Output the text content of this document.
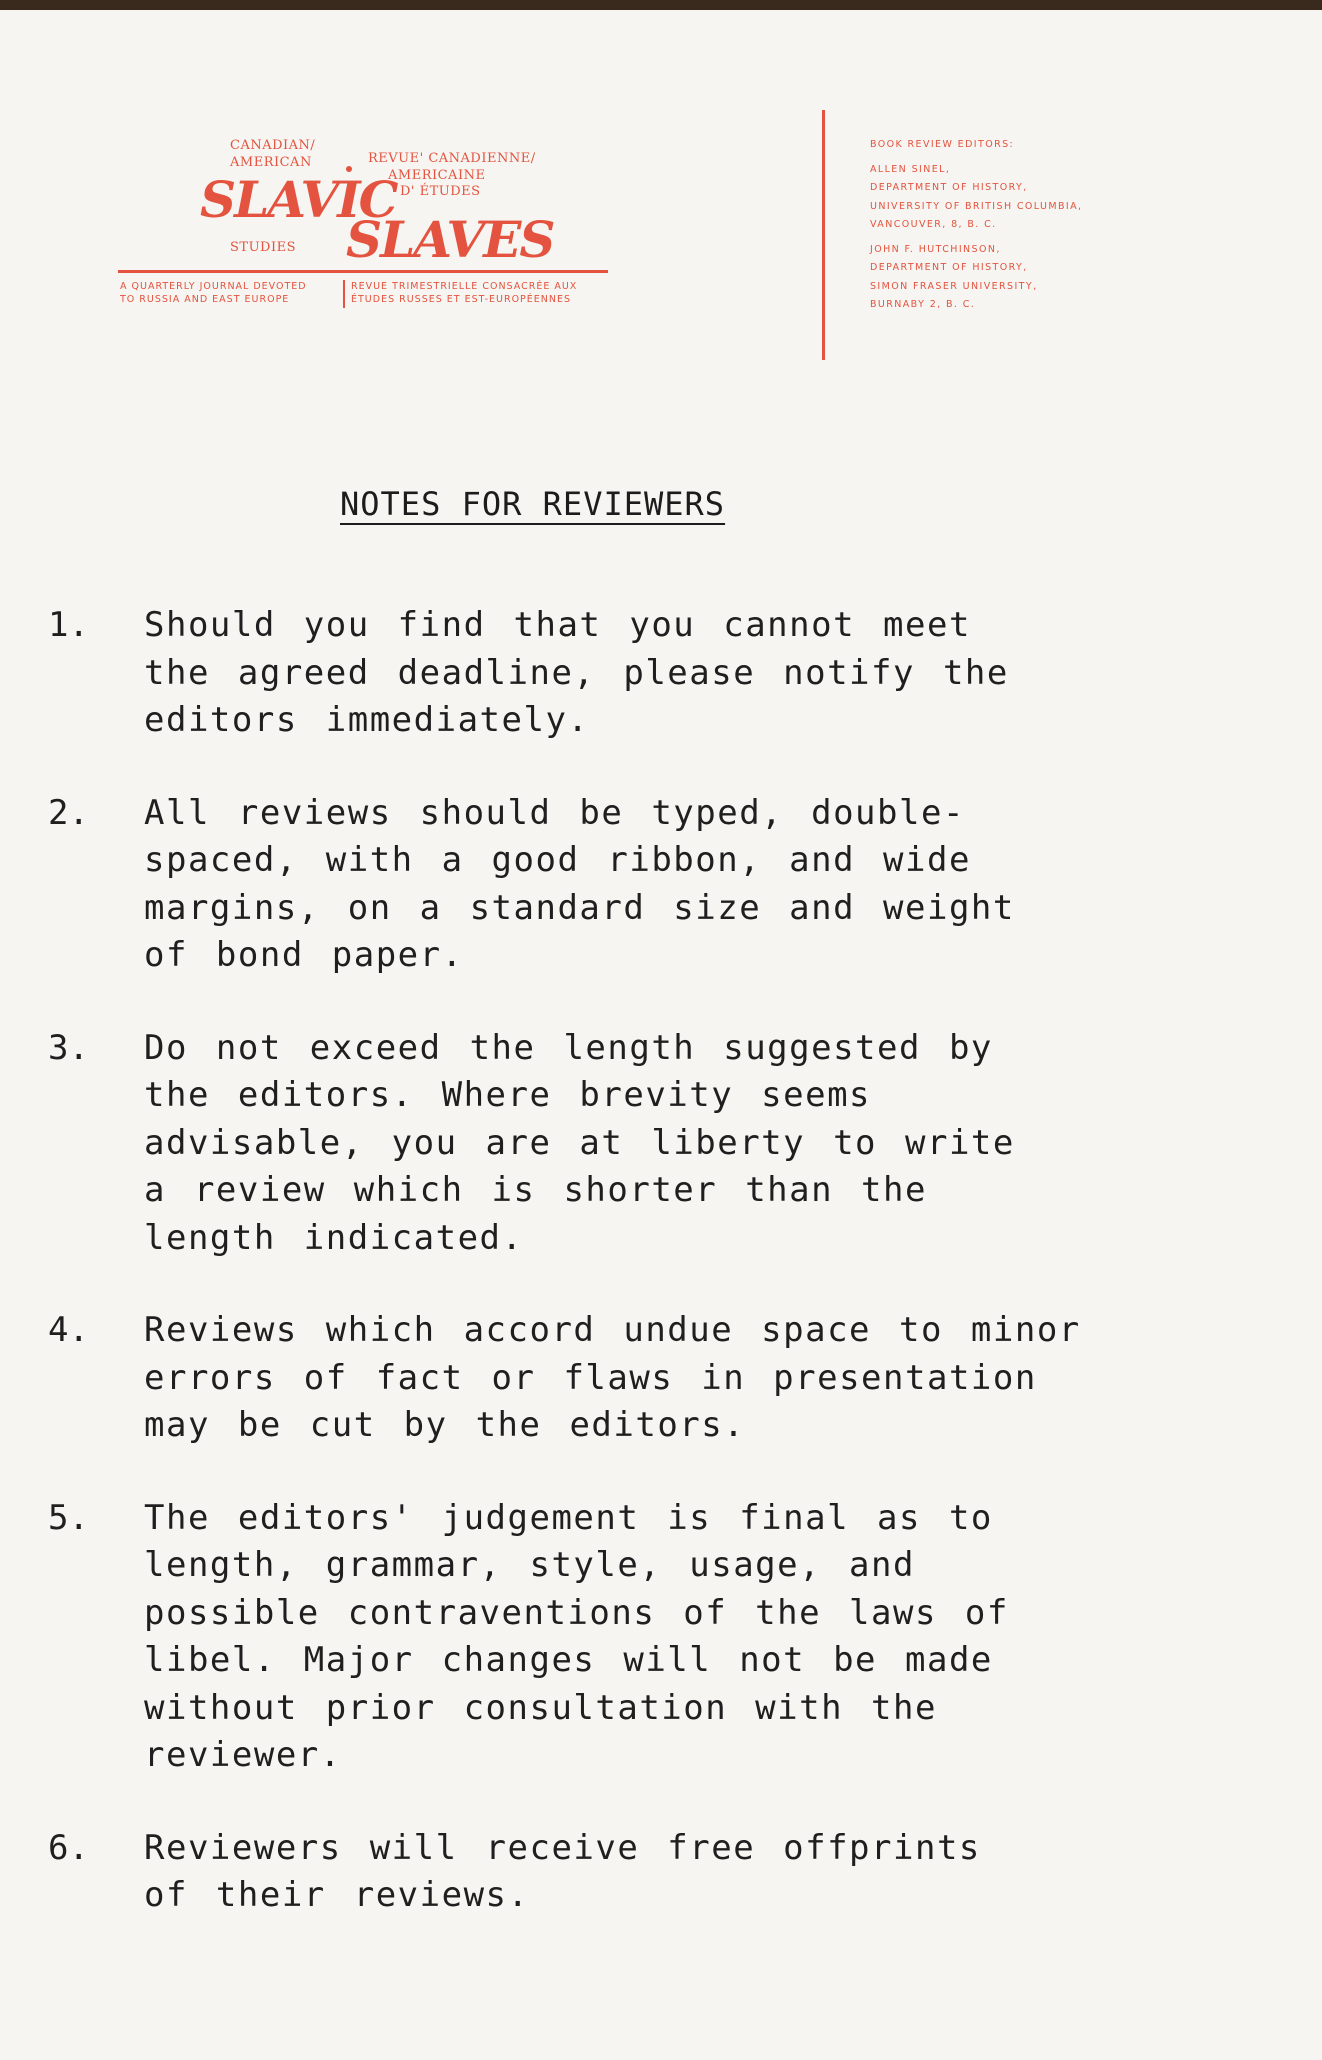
CANADIAN/
AMERICAN	REVUE' CANADIENNE/
AMERICAINE
D' ÉTUDES
SLAVIC
STUDIES SLAVES
A QUARTERLY JOURNAL DEVOTED
TO RUSSIA AND EAST EUROPE
REVUE TRIMESTRIELLE CONSACRÉE AUX
ÉTUDES RUSSES ET EST-EUROPÉENNES
BOOK REVIEW EDITORS:
ALLEN SINEL,
DEPARTMENT OF HISTORY,
UNIVERSITY OF BRITISH COLUMBIA,
VANCOUVER, 8, B. C.
JOHN F. HUTCHINSON,
DEPARTMENT OF HISTORY,
SIMON FRASER UNIVERSITY,
BURNABY 2, B. C.
NOTES FOR REVIEWERS
1.	Should you find that you cannot meet
the agreed deadline, please notify the
editors immediately.
2.	All reviews should be typed, double-
spaced, with a good ribbon, and wide
margins, on a standard size and weight
of bond paper.
3.	Do not exceed the length suggested by
the editors. Where brevity seems
advisable, you are at liberty to write
a review which is shorter than the
length indicated.
4.	Reviews which accord undue space to minor
errors of fact or flaws in presentation
may be cut by the editors.
5.	The editors' judgement is final as to
length, grammar, style, usage, and
possible contraventions of the laws of
libel. Major changes will not be made
without prior consultation with the
reviewer.
6.	Reviewers will receive free offprints
of their reviews.
